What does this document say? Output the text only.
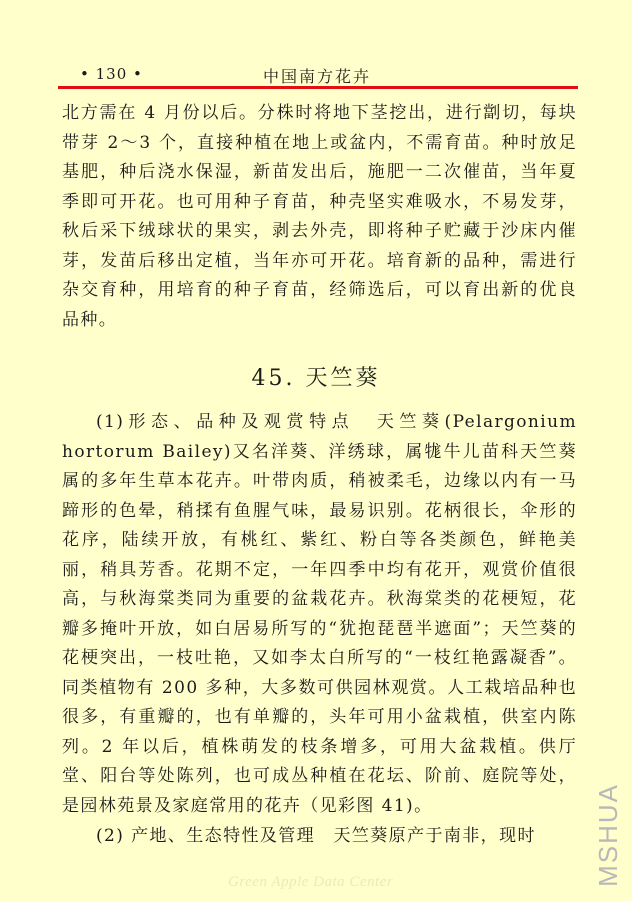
• 130 •	中国南方花卉

北方需在 4 月份以后。分株时将地下茎挖出，进行劏切，每块带芽 2～3 个，直接种植在地上或盆内，不需育苗。种时放足基肥，种后浇水保湿，新苗发出后，施肥一二次催苗，当年夏季即可开花。也可用种子育苗，种壳坚实难吸水，不易发芽，秋后采下绒球状的果实，剥去外壳，即将种子贮藏于沙床内催芽，发苗后移出定植，当年亦可开花。培育新的品种，需进行杂交育种，用培育的种子育苗，经筛选后，可以育出新的优良品种。

45. 天竺葵

(1)形态、品种及观赏特点　天竺葵(Pelargonium hortorum Bailey)又名洋葵、洋绣球，属牻牛儿苗科天竺葵属的多年生草本花卉。叶带肉质，稍被柔毛，边缘以内有一马蹄形的色晕，稍揉有鱼腥气味，最易识别。花柄很长，伞形的花序，陆续开放，有桃红、紫红、粉白等各类颜色，鲜艳美丽，稍具芳香。花期不定，一年四季中均有花开，观赏价值很高，与秋海棠类同为重要的盆栽花卉。秋海棠类的花梗短，花瓣多掩叶开放，如白居易所写的“犹抱琵琶半遮面”；天竺葵的花梗突出，一枝吐艳，又如李太白所写的“一枝红艳露凝香”。同类植物有 200 多种，大多数可供园林观赏。人工栽培品种也很多，有重瓣的，也有单瓣的，头年可用小盆栽植，供室内陈列。2 年以后，植株萌发的枝条增多，可用大盆栽植。供厅堂、阳台等处陈列，也可成丛种植在花坛、阶前、庭院等处，是园林苑景及家庭常用的花卉（见彩图 41)。

(2) 产地、生态特性及管理　天竺葵原产于南非，现时

Green Apple Data Center	MSHUA
